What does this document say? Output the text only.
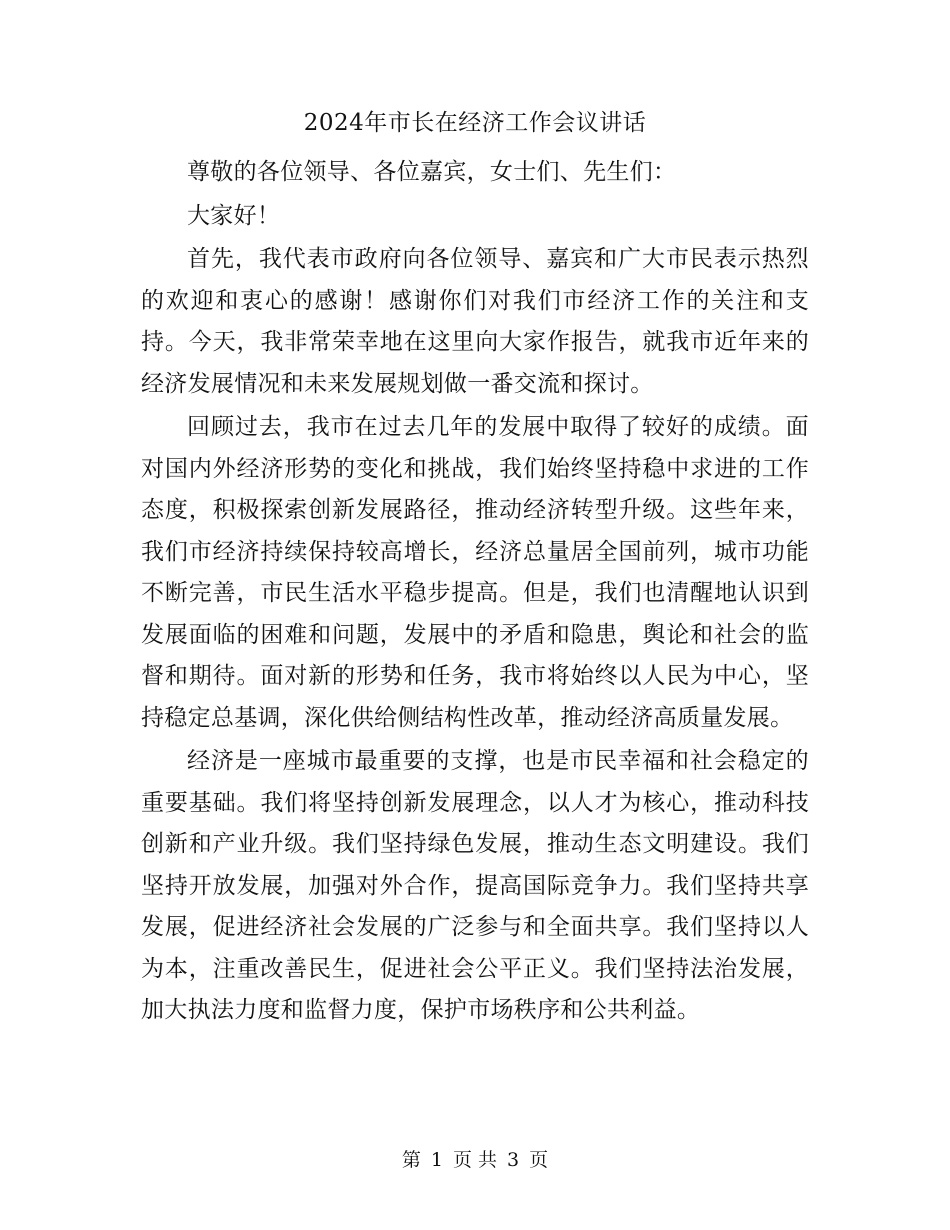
2024年市长在经济工作会议讲话

尊敬的各位领导、各位嘉宾，女士们、先生们：

大家好！

首先，我代表市政府向各位领导、嘉宾和广大市民表示热烈的欢迎和衷心的感谢！感谢你们对我们市经济工作的关注和支持。今天，我非常荣幸地在这里向大家作报告，就我市近年来的经济发展情况和未来发展规划做一番交流和探讨。

回顾过去，我市在过去几年的发展中取得了较好的成绩。面对国内外经济形势的变化和挑战，我们始终坚持稳中求进的工作态度，积极探索创新发展路径，推动经济转型升级。这些年来，我们市经济持续保持较高增长，经济总量居全国前列，城市功能不断完善，市民生活水平稳步提高。但是，我们也清醒地认识到发展面临的困难和问题，发展中的矛盾和隐患，舆论和社会的监督和期待。面对新的形势和任务，我市将始终以人民为中心，坚持稳定总基调，深化供给侧结构性改革，推动经济高质量发展。

经济是一座城市最重要的支撑，也是市民幸福和社会稳定的重要基础。我们将坚持创新发展理念，以人才为核心，推动科技创新和产业升级。我们坚持绿色发展，推动生态文明建设。我们坚持开放发展，加强对外合作，提高国际竞争力。我们坚持共享发展，促进经济社会发展的广泛参与和全面共享。我们坚持以人为本，注重改善民生，促进社会公平正义。我们坚持法治发展，加大执法力度和监督力度，保护市场秩序和公共利益。

第 1 页 共 3 页
